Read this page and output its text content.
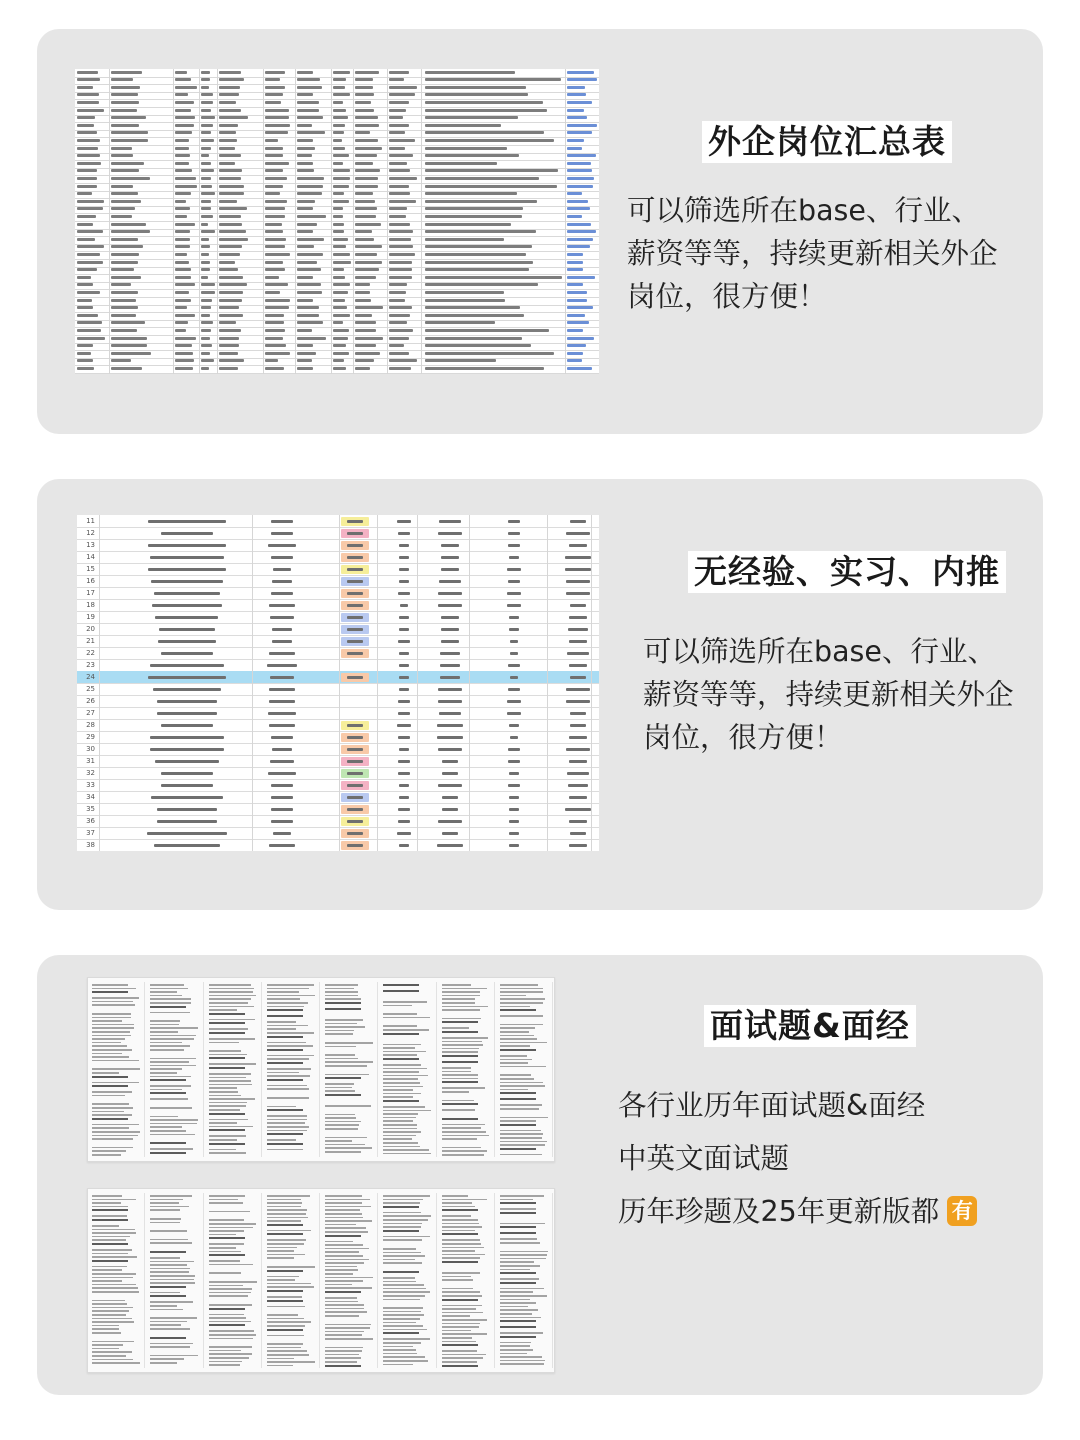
外企岗位汇总表
可以筛选所在base、行业、
薪资等等，持续更新相关外企
岗位，很方便！
11
12
13
14
15
16
17
18
19
20
21
22
23
24
25
26
27
28
29
30
31
32
33
34
35
36
37
38
无经验、实习、内推
可以筛选所在base、行业、
薪资等等，持续更新相关外企
岗位，很方便！
面试题&面经
各行业历年面试题&面经
中英文面试题
历年珍题及25年更新版都 有
